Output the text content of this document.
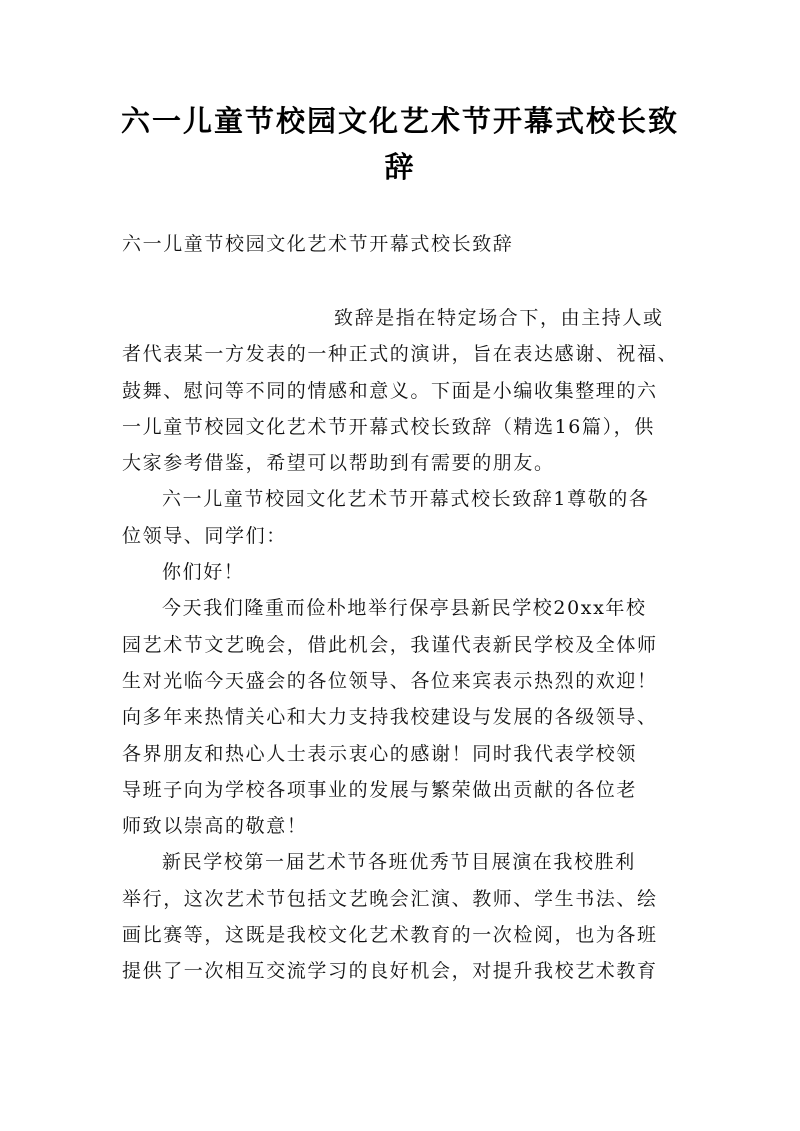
六一儿童节校园文化艺术节开幕式校长致
辞

六一儿童节校园文化艺术节开幕式校长致辞

致辞是指在特定场合下，由主持人或
者代表某一方发表的一种正式的演讲，旨在表达感谢、祝福、
鼓舞、慰问等不同的情感和意义。下面是小编收集整理的六
一儿童节校园文化艺术节开幕式校长致辞（精选16篇），供
大家参考借鉴，希望可以帮助到有需要的朋友。
六一儿童节校园文化艺术节开幕式校长致辞1尊敬的各
位领导、同学们：
你们好！
今天我们隆重而俭朴地举行保亭县新民学校20xx年校
园艺术节文艺晚会，借此机会，我谨代表新民学校及全体师
生对光临今天盛会的各位领导、各位来宾表示热烈的欢迎！
向多年来热情关心和大力支持我校建设与发展的各级领导、
各界朋友和热心人士表示衷心的感谢！同时我代表学校领
导班子向为学校各项事业的发展与繁荣做出贡献的各位老
师致以崇高的敬意！
新民学校第一届艺术节各班优秀节目展演在我校胜利
举行，这次艺术节包括文艺晚会汇演、教师、学生书法、绘
画比赛等，这既是我校文化艺术教育的一次检阅，也为各班
提供了一次相互交流学习的良好机会，对提升我校艺术教育
